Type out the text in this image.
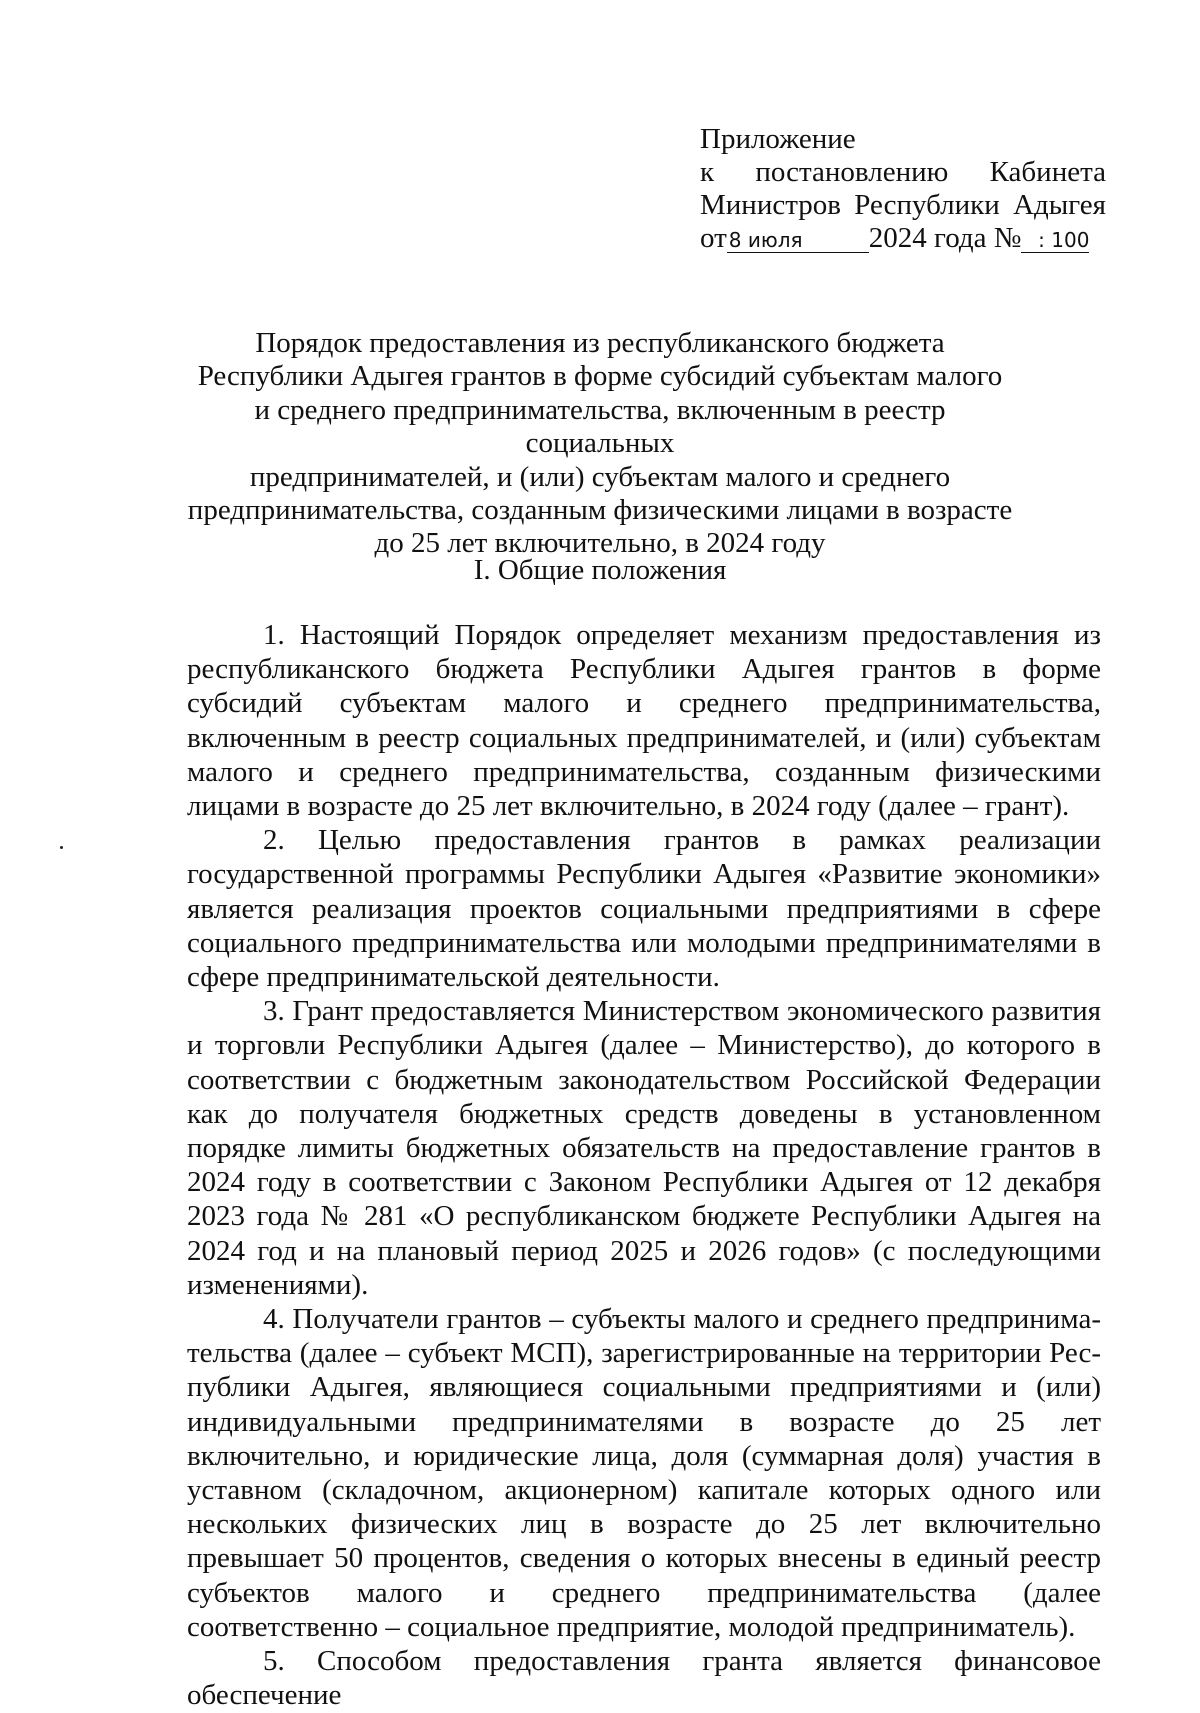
Приложение
к постановлению Кабинета
Министров Республики Адыгея
от 8 июля 2024 года № : 100
Порядок предоставления из республиканского бюджета
Республики Адыгея грантов в форме субсидий субъектам малого
и среднего предпринимательства, включенным в реестр социальных
предпринимателей, и (или) субъектам малого и среднего
предпринимательства, созданным физическими лицами в возрасте
до 25 лет включительно, в 2024 году
I. Общие положения

1. Настоящий Порядок определяет механизм предоставления из республиканского бюджета Республики Адыгея грантов в форме субсидий субъектам малого и среднего предпринимательства, включенным в реестр социальных предпринимателей, и (или) субъектам малого и среднего предпринимательства, созданным физическими лицами в возрасте до 25 лет включительно, в 2024 году (далее – грант).

2. Целью предоставления грантов в рамках реализации государственной программы Республики Адыгея «Развитие экономики» является реализация проектов социальными предприятиями в сфере социального предпринимательства или молодыми предпринимателями в сфере предпринимательской деятельности.

3. Грант предоставляется Министерством экономического развития и торговли Республики Адыгея (далее – Министерство), до которого в соответствии с бюджетным законодательством Российской Федерации как до получателя бюджетных средств доведены в установленном порядке лимиты бюджетных обязательств на предоставление грантов в 2024 году в соответствии с Законом Республики Адыгея от 12 декабря 2023 года № 281 «О республиканском бюджете Республики Адыгея на 2024 год и на плановый период 2025 и 2026 годов» (с последующими изменениями).

4. Получатели грантов – субъекты малого и среднего предпринимательства (далее – субъект МСП), зарегистрированные на территории Республики Адыгея, являющиеся социальными предприятиями и (или) индивидуальными предпринимателями в возрасте до 25 лет включительно, и юридические лица, доля (суммарная доля) участия в уставном (складочном, акционерном) капитале которых одного или нескольких физических лиц в возрасте до 25 лет включительно превышает 50 процентов, сведения о которых внесены в единый реестр субъектов малого и среднего предпринимательства (далее соответственно – социальное предприятие, молодой предприниматель).

5. Способом предоставления гранта является финансовое обеспечение
